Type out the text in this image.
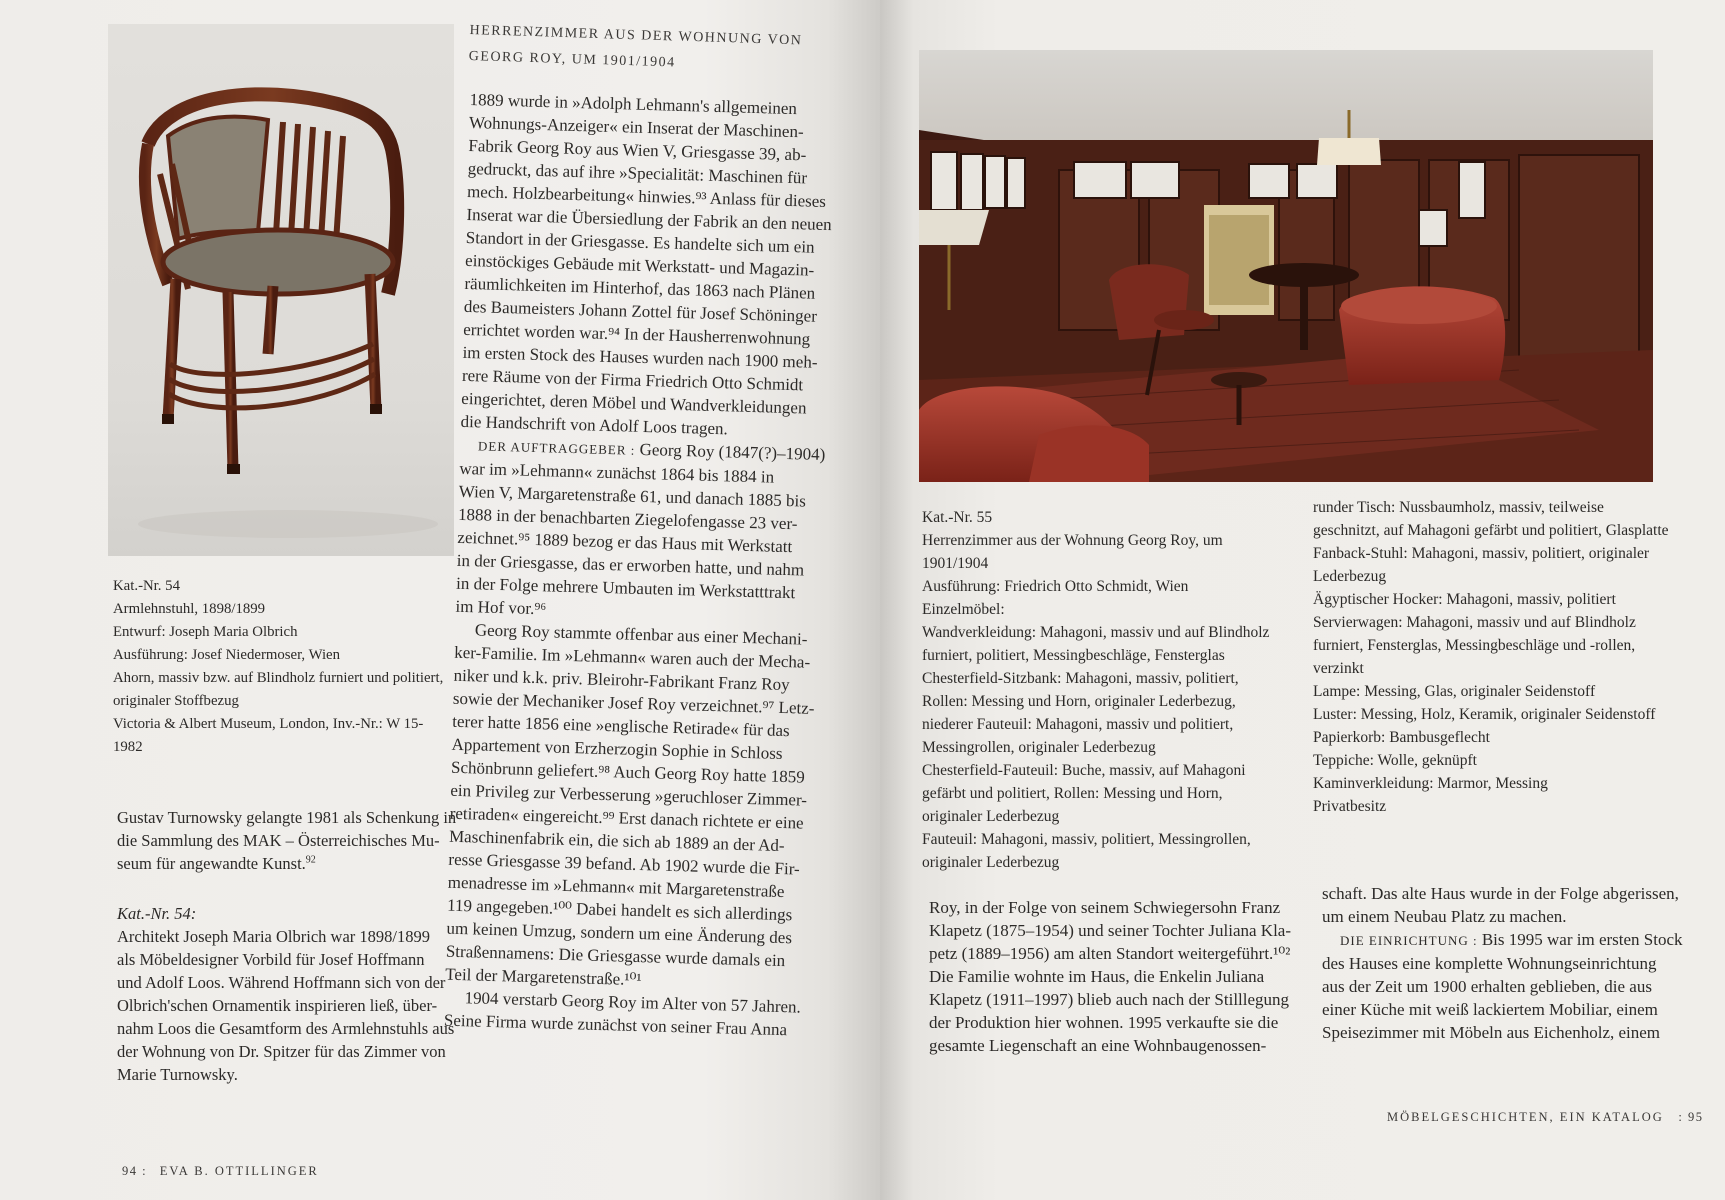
Kat.-Nr. 54

Armlehnstuhl, 1898/1899

Entwurf: Joseph Maria Olbrich

Ausführung: Josef Niedermoser, Wien

Ahorn, massiv bzw. auf Blindholz furniert und politiert,

originaler Stoffbezug

Victoria & Albert Museum, London, Inv.-Nr.: W 15-

1982

Gustav Turnowsky gelangte 1981 als Schenkung in

die Sammlung des MAK – Österreichisches Mu-

seum für angewandte Kunst.$^{92}$

Kat.-Nr. 54:

Architekt Joseph Maria Olbrich war 1898/1899

als Möbeldesigner Vorbild für Josef Hoffmann

und Adolf Loos. Während Hoffmann sich von der

Olbrich'schen Ornamentik inspirieren ließ, über-

nahm Loos die Gesamtform des Armlehnstuhls aus

der Wohnung von Dr. Spitzer für das Zimmer von

Marie Turnowsky.

HERRENZIMMER AUS DER WOHNUNG VON

GEORG ROY, UM 1901/1904

1889 wurde in »Adolph Lehmann's allgemeinen

Wohnungs-Anzeiger« ein Inserat der Maschinen-

Fabrik Georg Roy aus Wien V, Griesgasse 39, ab-

gedruckt, das auf ihre »Specialität: Maschinen für

mech. Holzbearbeitung« hinwies.⁹³ Anlass für dieses

Inserat war die Übersiedlung der Fabrik an den neuen

Standort in der Griesgasse. Es handelte sich um ein

einstöckiges Gebäude mit Werkstatt- und Magazin-

räumlichkeiten im Hinterhof, das 1863 nach Plänen

des Baumeisters Johann Zottel für Josef Schöninger

errichtet worden war.⁹⁴ In der Hausherrenwohnung

im ersten Stock des Hauses wurden nach 1900 meh-

rere Räume von der Firma Friedrich Otto Schmidt

eingerichtet, deren Möbel und Wandverkleidungen

die Handschrift von Adolf Loos tragen.

DER AUFTRAGGEBER : Georg Roy (1847(?)–1904)

war im »Lehmann« zunächst 1864 bis 1884 in

Wien V, Margaretenstraße 61, und danach 1885 bis

1888 in der benachbarten Ziegelofengasse 23 ver-

zeichnet.⁹⁵ 1889 bezog er das Haus mit Werkstatt

in der Griesgasse, das er erworben hatte, und nahm

in der Folge mehrere Umbauten im Werkstatttrakt

im Hof vor.⁹⁶

Georg Roy stammte offenbar aus einer Mechani-

ker-Familie. Im »Lehmann« waren auch der Mecha-

niker und k.k. priv. Bleirohr-Fabrikant Franz Roy

sowie der Mechaniker Josef Roy verzeichnet.⁹⁷ Letz-

terer hatte 1856 eine »englische Retirade« für das

Appartement von Erzherzogin Sophie in Schloss

Schönbrunn geliefert.⁹⁸ Auch Georg Roy hatte 1859

ein Privileg zur Verbesserung »geruchloser Zimmer-

retiraden« eingereicht.⁹⁹ Erst danach richtete er eine

Maschinenfabrik ein, die sich ab 1889 an der Ad-

resse Griesgasse 39 befand. Ab 1902 wurde die Fir-

menadresse im »Lehmann« mit Margaretenstraße

119 angegeben.¹⁰⁰ Dabei handelt es sich allerdings

um keinen Umzug, sondern um eine Änderung des

Straßennamens: Die Griesgasse wurde damals ein

Teil der Margaretenstraße.¹⁰¹

1904 verstarb Georg Roy im Alter von 57 Jahren.

Seine Firma wurde zunächst von seiner Frau Anna

94 : EVA B. OTTILLINGER

Kat.-Nr. 55

Herrenzimmer aus der Wohnung Georg Roy, um

1901/1904

Ausführung: Friedrich Otto Schmidt, Wien

Einzelmöbel:

Wandverkleidung: Mahagoni, massiv und auf Blindholz

furniert, politiert, Messingbeschläge, Fensterglas

Chesterfield-Sitzbank: Mahagoni, massiv, politiert,

Rollen: Messing und Horn, originaler Lederbezug,

niederer Fauteuil: Mahagoni, massiv und politiert,

Messingrollen, originaler Lederbezug

Chesterfield-Fauteuil: Buche, massiv, auf Mahagoni

gefärbt und politiert, Rollen: Messing und Horn,

originaler Lederbezug

Fauteuil: Mahagoni, massiv, politiert, Messingrollen,

originaler Lederbezug

runder Tisch: Nussbaumholz, massiv, teilweise

geschnitzt, auf Mahagoni gefärbt und politiert, Glasplatte

Fanback-Stuhl: Mahagoni, massiv, politiert, originaler

Lederbezug

Ägyptischer Hocker: Mahagoni, massiv, politiert

Servierwagen: Mahagoni, massiv und auf Blindholz

furniert, Fensterglas, Messingbeschläge und -rollen,

verzinkt

Lampe: Messing, Glas, originaler Seidenstoff

Luster: Messing, Holz, Keramik, originaler Seidenstoff

Papierkorb: Bambusgeflecht

Teppiche: Wolle, geknüpft

Kaminverkleidung: Marmor, Messing

Privatbesitz

Roy, in der Folge von seinem Schwiegersohn Franz

Klapetz (1875–1954) und seiner Tochter Juliana Kla-

petz (1889–1956) am alten Standort weitergeführt.¹⁰²

Die Familie wohnte im Haus, die Enkelin Juliana

Klapetz (1911–1997) blieb auch nach der Stilllegung

der Produktion hier wohnen. 1995 verkaufte sie die

gesamte Liegenschaft an eine Wohnbaugenossen-

schaft. Das alte Haus wurde in der Folge abgerissen,

um einem Neubau Platz zu machen.

DIE EINRICHTUNG : Bis 1995 war im ersten Stock

des Hauses eine komplette Wohnungseinrichtung

aus der Zeit um 1900 erhalten geblieben, die aus

einer Küche mit weiß lackiertem Mobiliar, einem

Speisezimmer mit Möbeln aus Eichenholz, einem

MÖBELGESCHICHTEN, EIN KATALOG : 95
